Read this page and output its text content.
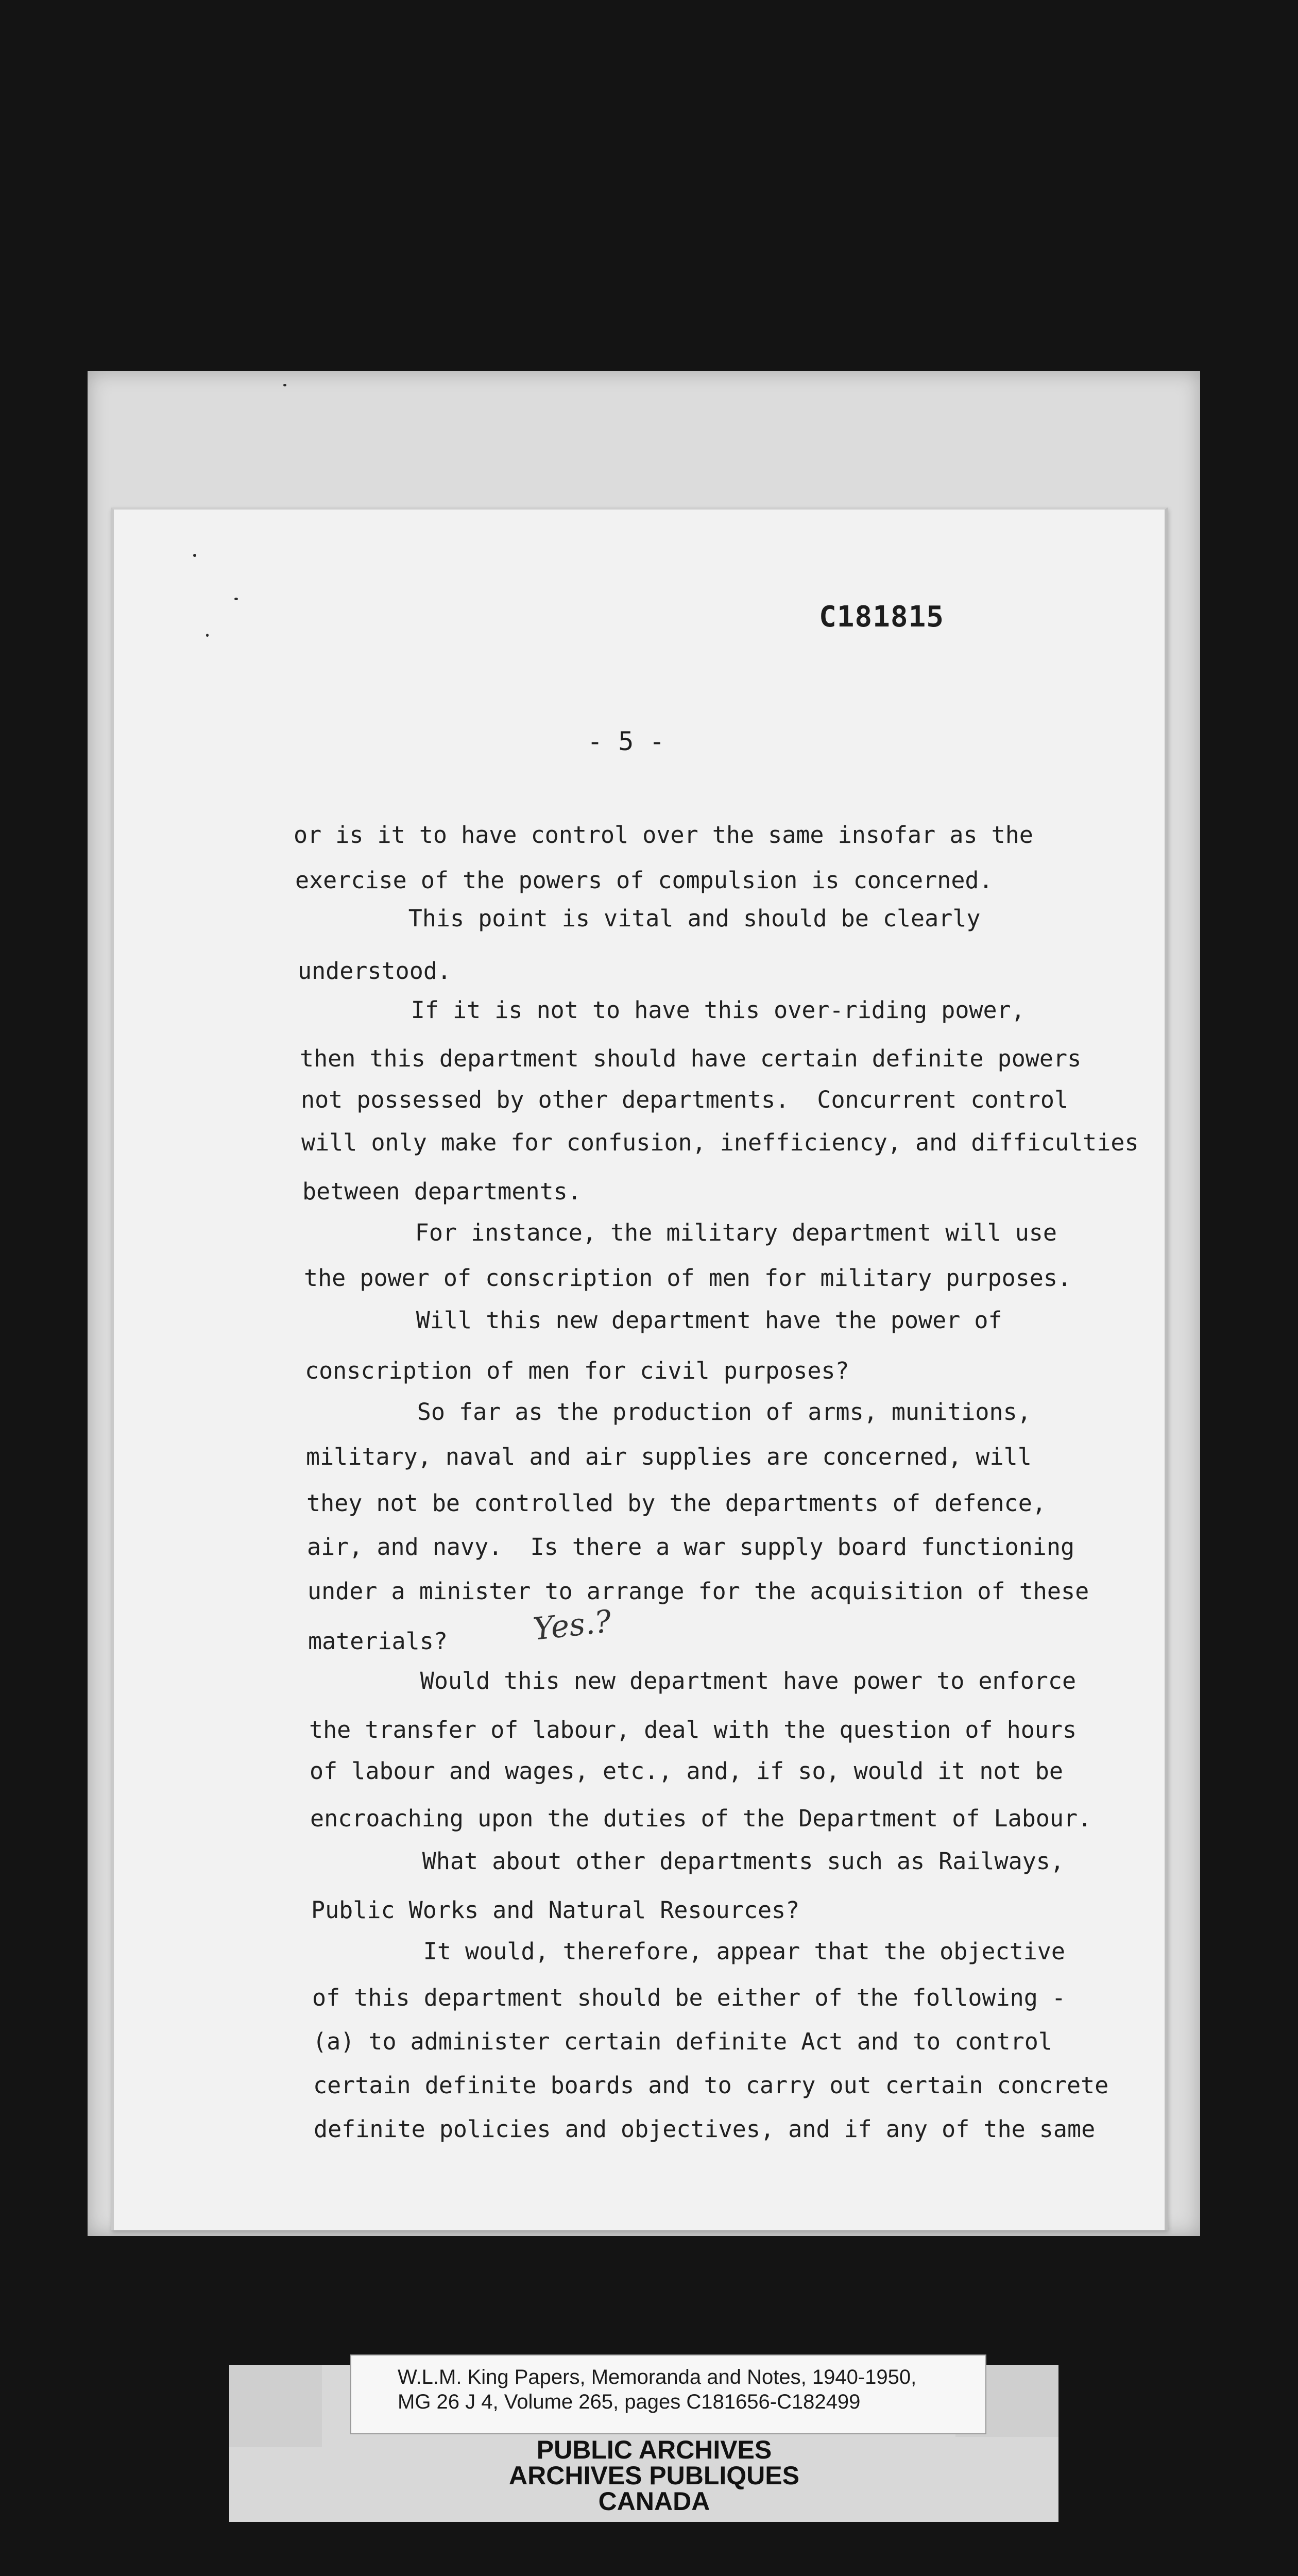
C181815
- 5 -
or is it to have control over the same insofar as the
exercise of the powers of compulsion is concerned.
This point is vital and should be clearly
understood.
If it is not to have this over-riding power,
then this department should have certain definite powers
not possessed by other departments.  Concurrent control
will only make for confusion, inefficiency, and difficulties
between departments.
For instance, the military department will use
the power of conscription of men for military purposes.
Will this new department have the power of
conscription of men for civil purposes?
So far as the production of arms, munitions,
military, naval and air supplies are concerned, will
they not be controlled by the departments of defence,
air, and navy.  Is there a war supply board functioning
under a minister to arrange for the acquisition of these
materials?
Would this new department have power to enforce
the transfer of labour, deal with the question of hours
of labour and wages, etc., and, if so, would it not be
encroaching upon the duties of the Department of Labour.
What about other departments such as Railways,
Public Works and Natural Resources?
It would, therefore, appear that the objective
of this department should be either of the following -
(a) to administer certain definite Act and to control
certain definite boards and to carry out certain concrete
definite policies and objectives, and if any of the same
Yes.?
W.L.M. King Papers, Memoranda and Notes, 1940-1950,
MG 26 J 4, Volume 265, pages C181656-C182499
PUBLIC ARCHIVES
ARCHIVES PUBLIQUES
CANADA
